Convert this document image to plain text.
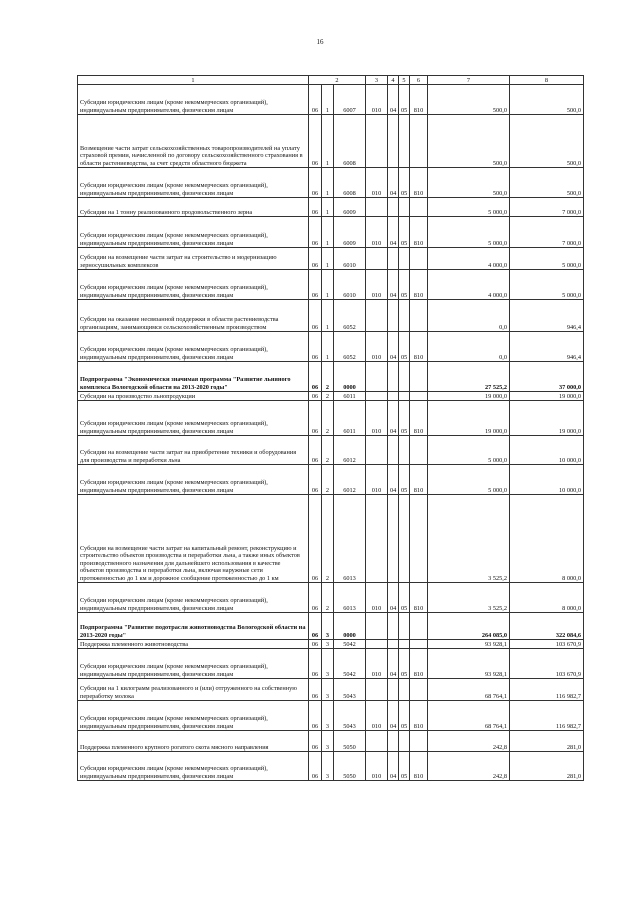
16
1	2			3	4	5	6	7	8
Субсидии юридическим лицам (кроме некоммерческих организаций), индивидуальным предпринимателям, физическим лицам	06	1	6007	010	04	05	810	500,0	500,0
Возмещение части затрат сельскохозяйственных товаропроизводителей на уплату страховой премии, начисленной по договору сельскохозяйственного страхования в области растениеводства, за счет средств областного бюджета	06	1	6008					500,0	500,0
Субсидии юридическим лицам (кроме некоммерческих организаций), индивидуальным предпринимателям, физическим лицам	06	1	6008	010	04	05	810	500,0	500,0
Субсидии на 1 тонну реализованного продовольственного зерна	06	1	6009					5 000,0	7 000,0
Субсидии юридическим лицам (кроме некоммерческих организаций), индивидуальным предпринимателям, физическим лицам	06	1	6009	010	04	05	810	5 000,0	7 000,0
Субсидии на возмещение части затрат на строительство и модернизацию зерносушильных комплексов	06	1	6010					4 000,0	5 000,0
Субсидии юридическим лицам (кроме некоммерческих организаций), индивидуальным предпринимателям, физическим лицам	06	1	6010	010	04	05	810	4 000,0	5 000,0
Субсидии на оказание несвязанной поддержки в области растениеводства организациям, занимающимся сельскохозяйственным производством	06	1	6052					0,0	946,4
Субсидии юридическим лицам (кроме некоммерческих организаций), индивидуальным предпринимателям, физическим лицам	06	1	6052	010	04	05	810	0,0	946,4
Подпрограмма "Экономически значимая программа "Развитие льняного комплекса Вологодской области на 2013-2020 годы"	06	2	0000					27 525,2	37 000,0
Субсидии на производство льнопродукции	06	2	6011					19 000,0	19 000,0
Субсидии юридическим лицам (кроме некоммерческих организаций), индивидуальным предпринимателям, физическим лицам	06	2	6011	010	04	05	810	19 000,0	19 000,0
Субсидии на возмещение части затрат на приобретение техники и оборудования для производства и переработки льна	06	2	6012					5 000,0	10 000,0
Субсидии юридическим лицам (кроме некоммерческих организаций), индивидуальным предпринимателям, физическим лицам	06	2	6012	010	04	05	810	5 000,0	10 000,0
Субсидия на возмещение части затрат на капитальный ремонт, реконструкцию и строительство объектов производства и переработки льна, а также иных объектов производственного назначения для дальнейшего использования в качестве объектов производства и переработки льна, включая наружные сети протяженностью до 1 км и дорожное сообщение протяженностью до 1 км	06	2	6013					3 525,2	8 000,0
Субсидии юридическим лицам (кроме некоммерческих организаций), индивидуальным предпринимателям, физическим лицам	06	2	6013	010	04	05	810	3 525,2	8 000,0
Подпрограмма "Развитие подотрасли животноводства Вологодской области на 2013-2020 годы"	06	3	0000					264 085,0	322 084,6
Поддержка племенного животноводства	06	3	5042					93 928,1	103 670,9
Субсидии юридическим лицам (кроме некоммерческих организаций), индивидуальным предпринимателям, физическим лицам	06	3	5042	010	04	05	810	93 928,1	103 670,9
Субсидии на 1 килограмм реализованного и (или) отгруженного на собственную переработку молока	06	3	5043					68 764,1	116 982,7
Субсидии юридическим лицам (кроме некоммерческих организаций), индивидуальным предпринимателям, физическим лицам	06	3	5043	010	04	05	810	68 764,1	116 982,7
Поддержка племенного крупного рогатого скота мясного направления	06	3	5050					242,8	281,0
Субсидии юридическим лицам (кроме некоммерческих организаций), индивидуальным предпринимателям, физическим лицам	06	3	5050	010	04	05	810	242,8	281,0
